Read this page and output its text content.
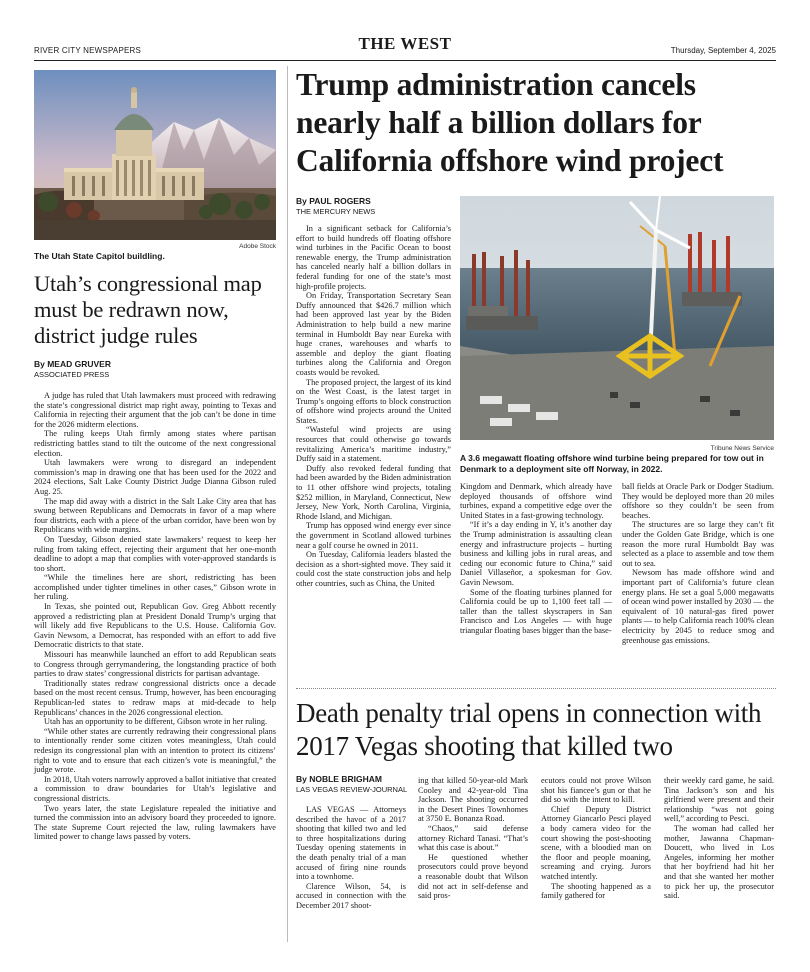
RIVER CITY NEWSPAPERS	THE WEST	Thursday, September 4, 2025
Adobe Stock
The Utah State Capitol buildling.
Utah’s congressional map must be redrawn now, district judge rules
By MEAD GRUVER
ASSOCIATED PRESS

A judge has ruled that Utah lawmakers must proceed with redrawing the state’s congressional district map right away, pointing to Texas and California in rejecting their argument that the job can’t be done in time for the 2026 midterm elections.

The ruling keeps Utah firmly among states where partisan redistricting battles stand to tilt the outcome of the next congressional election.

Utah lawmakers were wrong to disregard an independent commission’s map in drawing one that has been used for the 2022 and 2024 elections, Salt Lake County District Judge Dianna Gibson ruled Aug. 25.

The map did away with a district in the Salt Lake City area that has swung between Republicans and Democrats in favor of a map where four districts, each with a piece of the urban corridor, have been won by Republicans with wide margins.

On Tuesday, Gibson denied state lawmakers’ request to keep her ruling from taking effect, rejecting their argument that her one-month deadline to adopt a map that complies with voter-approved standards is too short.

“While the timelines here are short, redistricting has been accomplished under tighter timelines in other cases,” Gibson wrote in her ruling.

In Texas, she pointed out, Republican Gov. Greg Abbott recently approved a redistricting plan at President Donald Trump’s urging that will likely add five Republicans to the U.S. House. California Gov. Gavin Newsom, a Democrat, has responded with an effort to add five Democratic districts to that state.

Missouri has meanwhile launched an effort to add Republican seats to Congress through gerrymandering, the longstanding practice of both parties to draw states’ congressional districts for partisan advantage.

Traditionally states redraw congressional districts once a decade based on the most recent census. Trump, however, has been encouraging Republican-led states to redraw maps at mid-decade to help Republicans’ chances in the 2026 congressional election.

Utah has an opportunity to be different, Gibson wrote in her ruling.

“While other states are currently redrawing their congressional plans to intentionally render some citizen votes meaningless, Utah could redesign its congressional plan with an intention to protect its citizens’ right to vote and to ensure that each citizen’s vote is meaningful,” the judge wrote.

In 2018, Utah voters narrowly approved a ballot initiative that created a commission to draw boundaries for Utah’s legislative and congressional districts.

Two years later, the state Legislature repealed the initiative and turned the commission into an advisory board they proceeded to ignore. The state Supreme Court rejected the law, ruling lawmakers have limited power to change laws passed by voters.

Trump administration cancels nearly half a billion dollars for California offshore wind project
By PAUL ROGERS
THE MERCURY NEWS

In a significant setback for California’s effort to build hundreds off floating offshore wind turbines in the Pacific Ocean to boost renewable energy, the Trump administration has canceled nearly half a billion dollars in federal funding for one of the state’s most high-profile projects.

On Friday, Transportation Secretary Sean Duffy announced that $426.7 million which had been approved last year by the Biden Administration to help build a new marine terminal in Humboldt Bay near Eureka with huge cranes, warehouses and wharfs to assemble and deploy the giant floating turbines along the California and Oregon coasts would be revoked.

The proposed project, the largest of its kind on the West Coast, is the latest target in Trump’s ongoing efforts to block construction of offshore wind projects around the United States.

“Wasteful wind projects are using resources that could otherwise go towards revitalizing America’s maritime industry,” Duffy said in a statement.

Duffy also revoked federal funding that had been awarded by the Biden administration to 11 other offshore wind projects, totaling $252 million, in Maryland, Connecticut, New Jersey, New York, North Carolina, Virginia, Rhode Island, and Michigan.

Trump has opposed wind energy ever since the government in Scotland allowed turbines near a golf course he owned in 2011.

On Tuesday, California leaders blasted the decision as a short-sighted move. They said it could cost the state construction jobs and help other countries, such as China, the United

Tribune News Service
A 3.6 megawatt floating offshore wind turbine being prepared for tow out in Denmark to a deployment site off Norway, in 2022.

Kingdom and Denmark, which already have deployed thousands of offshore wind turbines, expand a competitive edge over the United States in a fast-growing technology.

“If it’s a day ending in Y, it’s another day the Trump administration is assaulting clean energy and infrastructure projects – hurting business and killing jobs in rural areas, and ceding our economic future to China,” said Daniel Villaseñor, a spokesman for Gov. Gavin Newsom.

Some of the floating turbines planned for California could be up to 1,100 feet tall — taller than the tallest skyscrapers in San Francisco and Los Angeles — with huge triangular floating bases bigger than the base-

ball fields at Oracle Park or Dodger Stadium. They would be deployed more than 20 miles offshore so they couldn’t be seen from beaches.

The structures are so large they can’t fit under the Golden Gate Bridge, which is one reason the more rural Humboldt Bay was selected as a place to assemble and tow them out to sea.

Newsom has made offshore wind and important part of California’s future clean energy plans. He set a goal 5,000 megawatts of ocean wind power installed by 2030 — the equivalent of 10 natural-gas fired power plants — to help California reach 100% clean electricity by 2045 to reduce smog and greenhouse gas emissions.

Death penalty trial opens in connection with 2017 Vegas shooting that killed two
By NOBLE BRIGHAM
LAS VEGAS REVIEW-JOURNAL

LAS VEGAS — Attorneys described the havoc of a 2017 shooting that killed two and led to three hospitalizations during Tuesday opening statements in the death penalty trial of a man accused of firing nine rounds into a townhome.

Clarence Wilson, 54, is accused in connection with the December 2017 shoot-

ing that killed 50-year-old Mark Cooley and 42-year-old Tina Jackson. The shooting occurred in the Desert Pines Townhomes at 3750 E. Bonanza Road.

“Chaos,” said defense attorney Richard Tanasi. “That’s what this case is about.”

He questioned whether prosecutors could prove beyond a reasonable doubt that Wilson did not act in self-defense and said pros-

ecutors could not prove Wilson shot his fiancee’s gun or that he did so with the intent to kill.

Chief Deputy District Attorney Giancarlo Pesci played a body camera video for the court showing the post-shooting scene, with a bloodied man on the floor and people moaning, screaming and crying. Jurors watched intently.

The shooting happened as a family gathered for

their weekly card game, he said. Tina Jackson’s son and his girlfriend were present and their relationship “was not going well,” according to Pesci.

The woman had called her mother, Jawanna Chapman-Doucett, who lived in Los Angeles, informing her mother that her boyfriend had hit her and that she wanted her mother to pick her up, the prosecutor said.
